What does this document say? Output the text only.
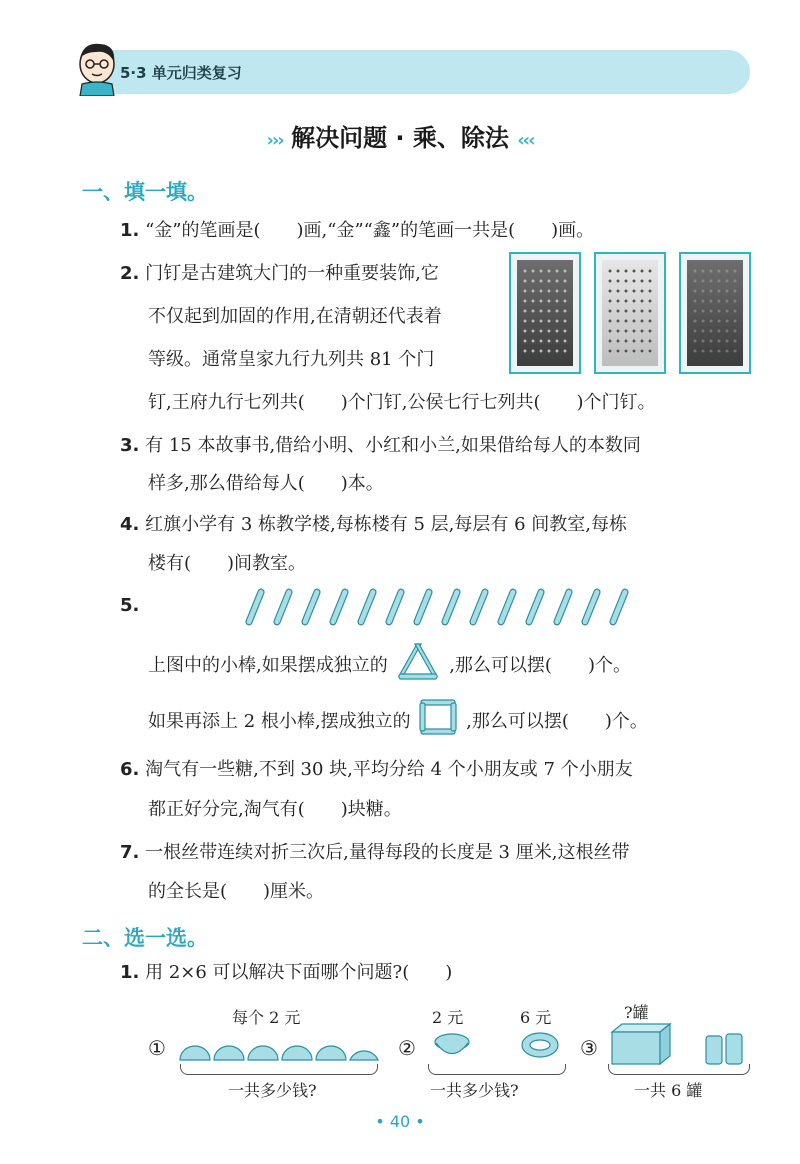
5·3 单元归类复习
››› 解决问题 · 乘、除法 ‹‹‹
一、填一填。
1. “金”的笔画是(　　)画,“金”“鑫”的笔画一共是(　　)画。
2. 门钉是古建筑大门的一种重要装饰,它
不仅起到加固的作用,在清朝还代表着
等级。通常皇家九行九列共 81 个门
钉,王府九行七列共(　　)个门钉,公侯七行七列共(　　)个门钉。
3. 有 15 本故事书,借给小明、小红和小兰,如果借给每人的本数同
样多,那么借给每人(　　)本。
4. 红旗小学有 3 栋教学楼,每栋楼有 5 层,每层有 6 间教室,每栋
楼有(　　)间教室。
5.
上图中的小棒,如果摆成独立的	,那么可以摆(　　)个。
如果再添上 2 根小棒,摆成独立的	,那么可以摆(　　)个。
6. 淘气有一些糖,不到 30 块,平均分给 4 个小朋友或 7 个小朋友
都正好分完,淘气有(　　)块糖。
7. 一根丝带连续对折三次后,量得每段的长度是 3 厘米,这根丝带
的全长是(　　)厘米。
二、选一选。
1. 用 2×6 可以解决下面哪个问题?(　　)
每个 2 元
①
一共多少钱?
2 元	6 元
②
一共多少钱?
?罐
③
一共 6 罐
• 40 •
